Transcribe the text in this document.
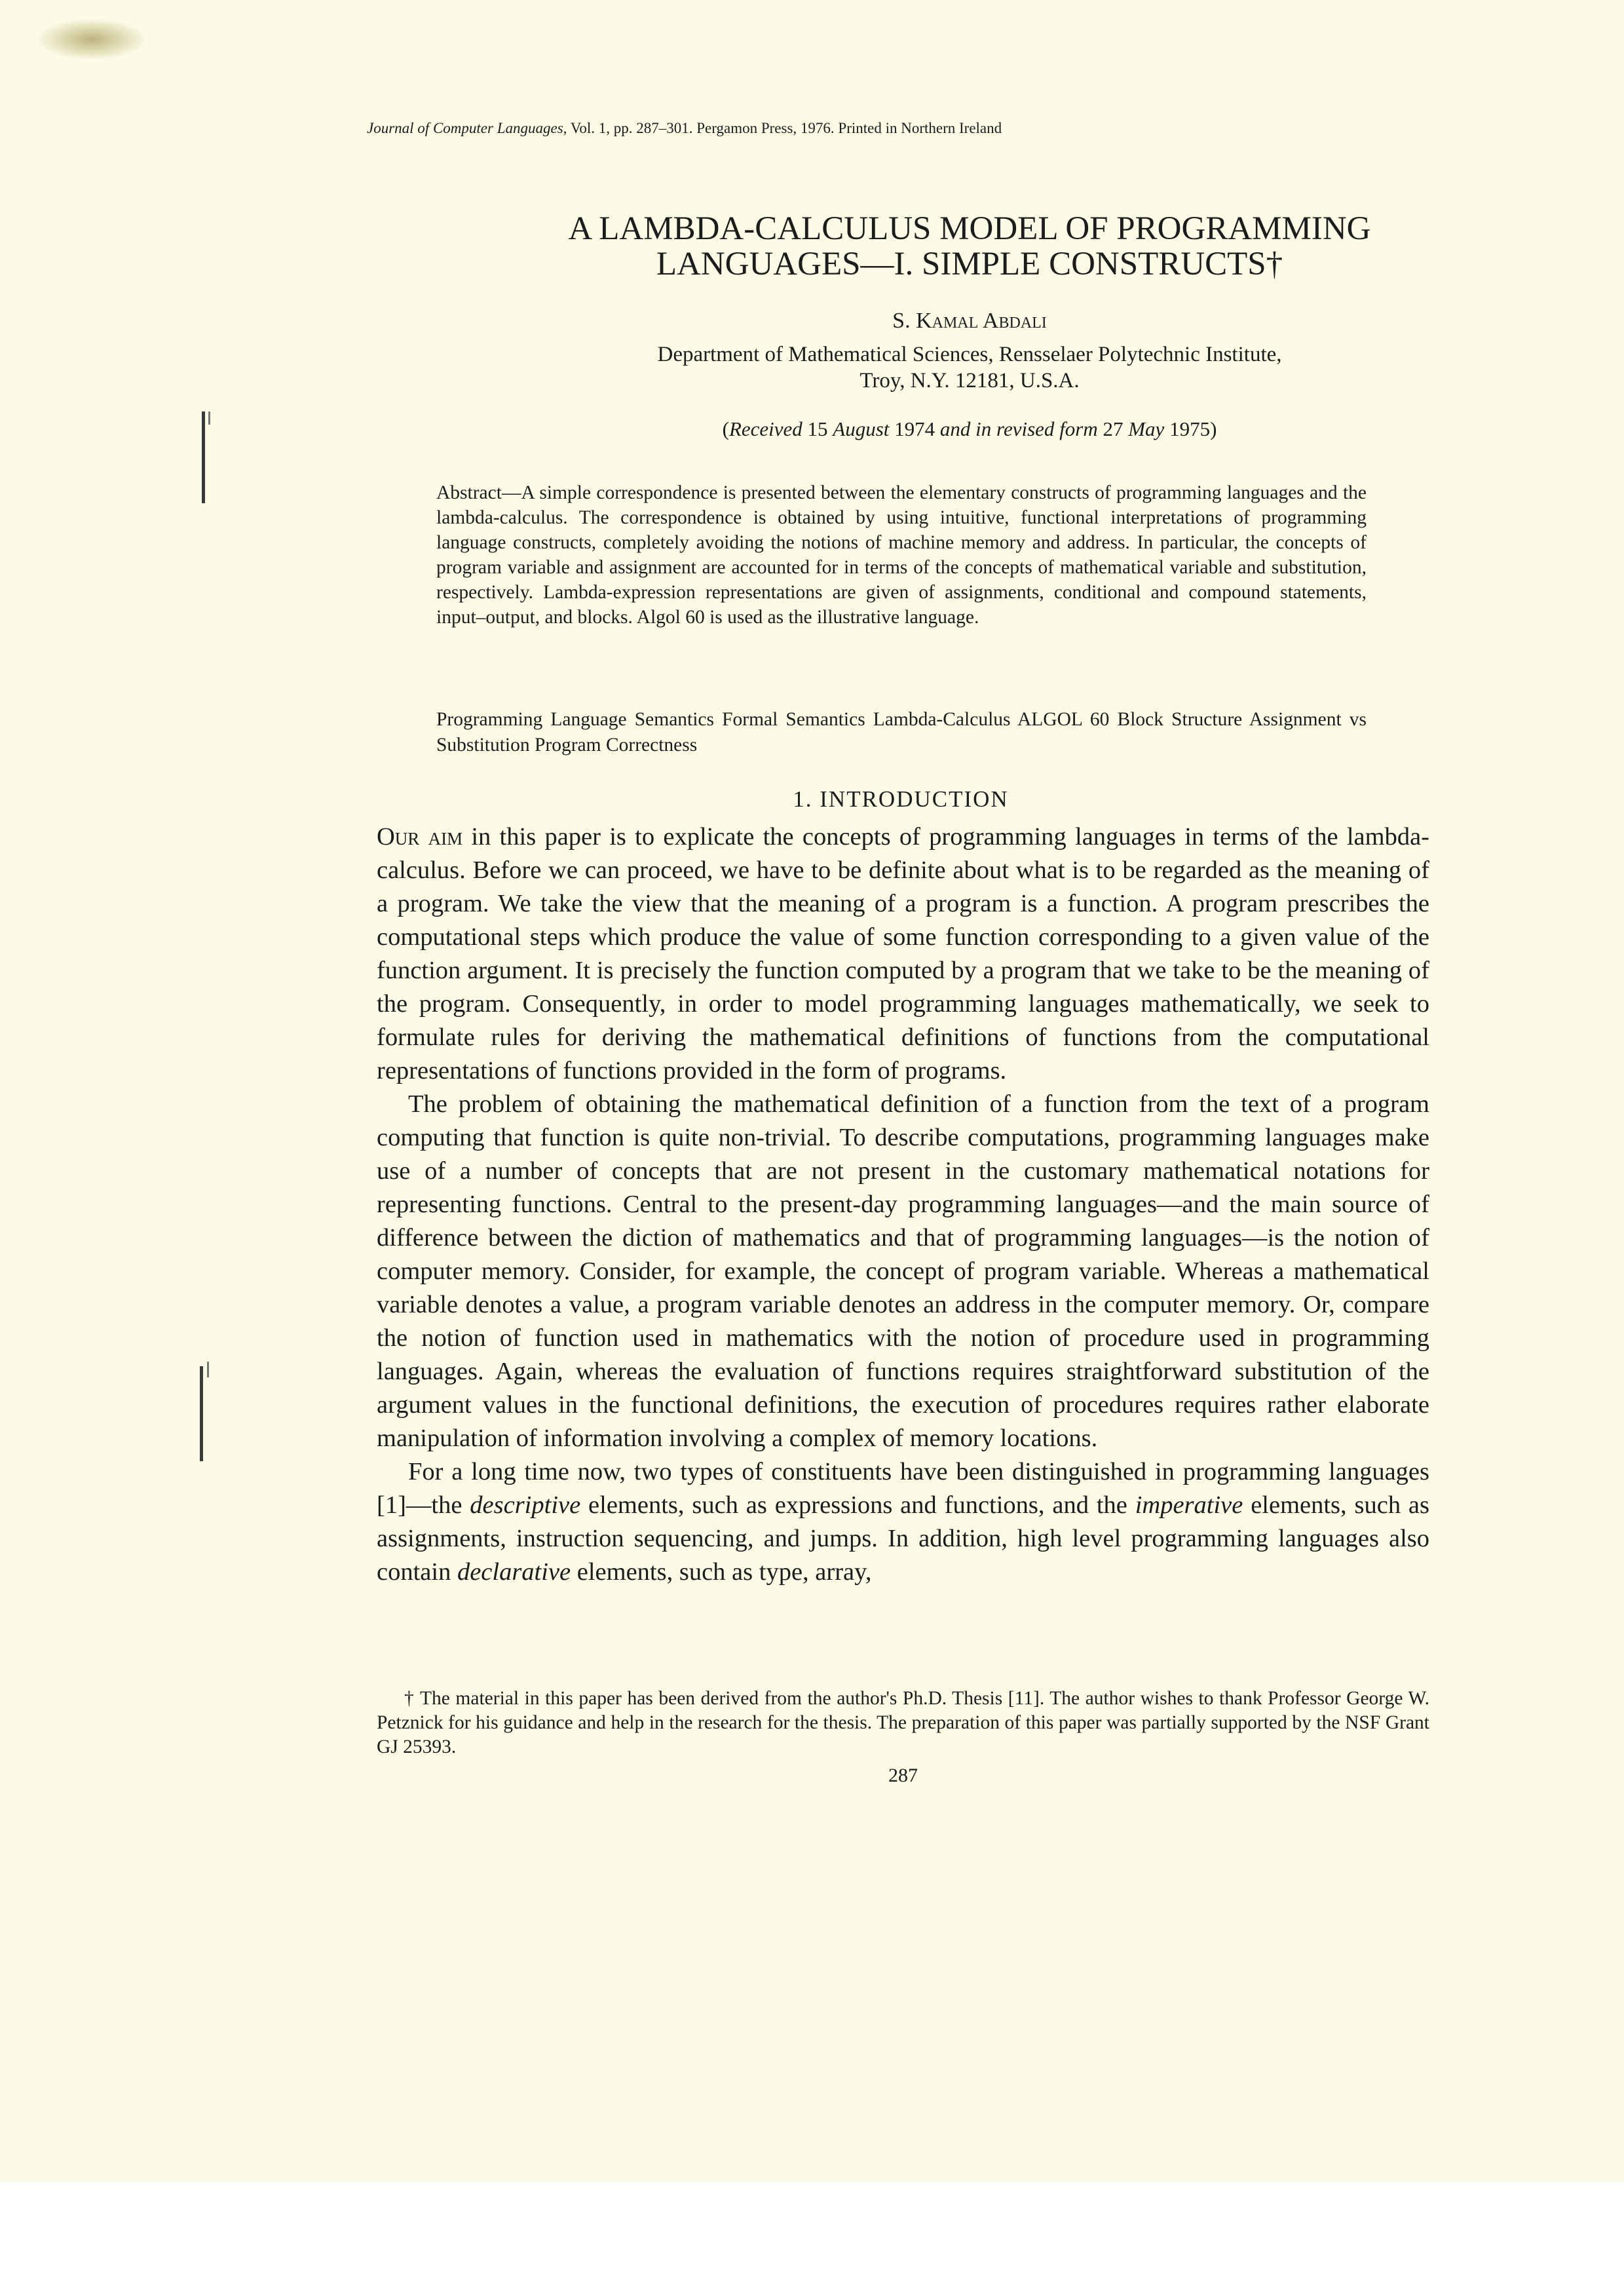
Journal of Computer Languages, Vol. 1, pp. 287–301. Pergamon Press, 1976. Printed in Northern Ireland

A LAMBDA-CALCULUS MODEL OF PROGRAMMING
LANGUAGES—I. SIMPLE CONSTRUCTS†

S. Kamal Abdali

Department of Mathematical Sciences, Rensselaer Polytechnic Institute,
Troy, N.Y. 12181, U.S.A.

(Received 15 August 1974 and in revised form 27 May 1975)

Abstract—A simple correspondence is presented between the elementary constructs of programming languages and the lambda-calculus. The correspondence is obtained by using intuitive, functional interpretations of programming language constructs, completely avoiding the notions of machine memory and address. In particular, the concepts of program variable and assignment are accounted for in terms of the concepts of mathematical variable and substitution, respectively. Lambda-expression representations are given of assignments, conditional and compound statements, input–output, and blocks. Algol 60 is used as the illustrative language.

Programming Language Semantics Formal Semantics Lambda-Calculus ALGOL 60 Block Structure Assignment vs Substitution Program Correctness

1. INTRODUCTION

Our aim in this paper is to explicate the concepts of programming languages in terms of the lambda-calculus. Before we can proceed, we have to be definite about what is to be regarded as the meaning of a program. We take the view that the meaning of a program is a function. A program prescribes the computational steps which produce the value of some function corresponding to a given value of the function argument. It is precisely the function computed by a program that we take to be the meaning of the program. Consequently, in order to model programming languages mathematically, we seek to formulate rules for deriving the mathematical definitions of functions from the computational representations of functions provided in the form of programs.

The problem of obtaining the mathematical definition of a function from the text of a program computing that function is quite non-trivial. To describe computations, programming languages make use of a number of concepts that are not present in the customary mathematical notations for representing functions. Central to the present-day programming languages—and the main source of difference between the diction of mathematics and that of programming languages—is the notion of computer memory. Consider, for example, the concept of program variable. Whereas a mathematical variable denotes a value, a program variable denotes an address in the computer memory. Or, compare the notion of function used in mathematics with the notion of procedure used in programming languages. Again, whereas the evaluation of functions requires straightforward substitution of the argument values in the functional definitions, the execution of procedures requires rather elaborate manipulation of information involving a complex of memory locations.

For a long time now, two types of constituents have been distinguished in programming languages [1]—the descriptive elements, such as expressions and functions, and the imperative elements, such as assignments, instruction sequencing, and jumps. In addition, high level programming languages also contain declarative elements, such as type, array,

† The material in this paper has been derived from the author's Ph.D. Thesis [11]. The author wishes to thank Professor George W. Petznick for his guidance and help in the research for the thesis. The preparation of this paper was partially supported by the NSF Grant GJ 25393.

287
